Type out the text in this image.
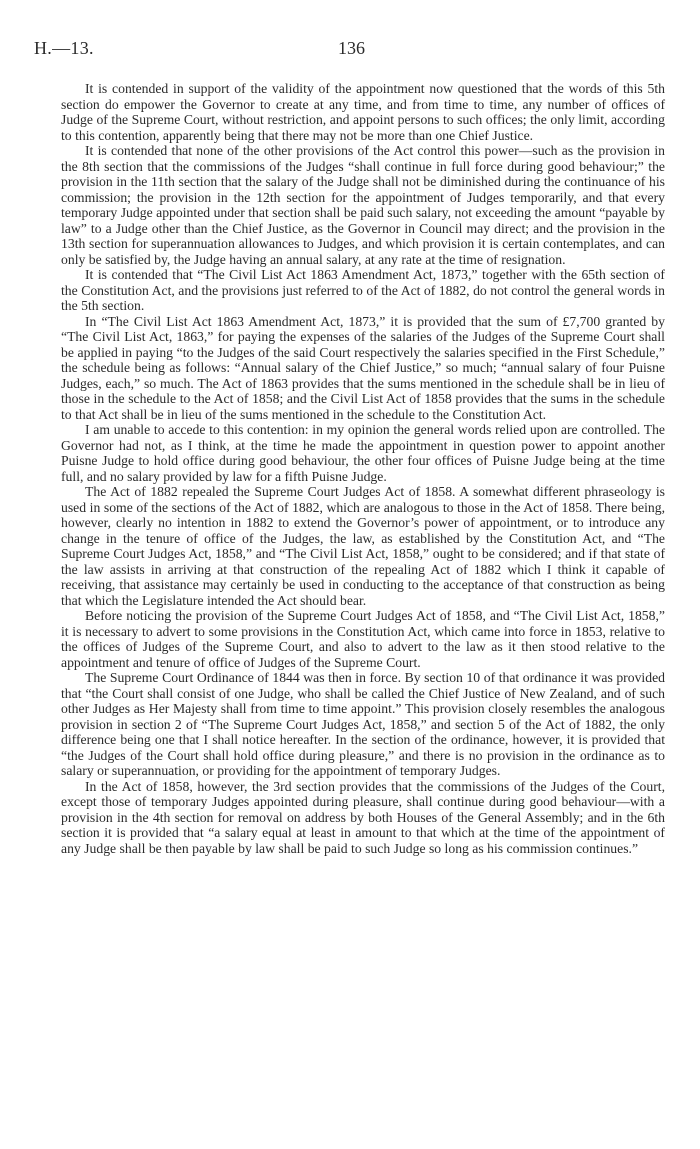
H.—13.	136

It is contended in support of the validity of the appointment now questioned that the words of this 5th section do empower the Governor to create at any time, and from time to time, any number of offices of Judge of the Supreme Court, without restriction, and appoint persons to such offices; the only limit, according to this contention, apparently being that there may not be more than one Chief Justice.

It is contended that none of the other provisions of the Act control this power—such as the provision in the 8th section that the commissions of the Judges “shall continue in full force during good behaviour;” the provision in the 11th section that the salary of the Judge shall not be diminished during the continuance of his commission; the provision in the 12th section for the appointment of Judges temporarily, and that every temporary Judge appointed under that section shall be paid such salary, not exceeding the amount “payable by law” to a Judge other than the Chief Justice, as the Governor in Council may direct; and the provision in the 13th section for superannuation allowances to Judges, and which provision it is certain contemplates, and can only be satisfied by, the Judge having an annual salary, at any rate at the time of resignation.

It is contended that “The Civil List Act 1863 Amendment Act, 1873,” together with the 65th section of the Constitution Act, and the provisions just referred to of the Act of 1882, do not control the general words in the 5th section.

In “The Civil List Act 1863 Amendment Act, 1873,” it is provided that the sum of £7,700 granted by “The Civil List Act, 1863,” for paying the expenses of the salaries of the Judges of the Supreme Court shall be applied in paying “to the Judges of the said Court respectively the salaries specified in the First Schedule,” the schedule being as follows: “Annual salary of the Chief Justice,” so much; “annual salary of four Puisne Judges, each,” so much. The Act of 1863 provides that the sums mentioned in the schedule shall be in lieu of those in the schedule to the Act of 1858; and the Civil List Act of 1858 provides that the sums in the schedule to that Act shall be in lieu of the sums mentioned in the schedule to the Constitution Act.

I am unable to accede to this contention: in my opinion the general words relied upon are controlled. The Governor had not, as I think, at the time he made the appointment in question power to appoint another Puisne Judge to hold office during good behaviour, the other four offices of Puisne Judge being at the time full, and no salary provided by law for a fifth Puisne Judge.

The Act of 1882 repealed the Supreme Court Judges Act of 1858. A somewhat different phraseology is used in some of the sections of the Act of 1882, which are analogous to those in the Act of 1858. There being, however, clearly no intention in 1882 to extend the Governor’s power of appointment, or to introduce any change in the tenure of office of the Judges, the law, as established by the Constitution Act, and “The Supreme Court Judges Act, 1858,” and “The Civil List Act, 1858,” ought to be considered; and if that state of the law assists in arriving at that construction of the repealing Act of 1882 which I think it capable of receiving, that assistance may certainly be used in conducting to the acceptance of that construction as being that which the Legislature intended the Act should bear.

Before noticing the provision of the Supreme Court Judges Act of 1858, and “The Civil List Act, 1858,” it is necessary to advert to some provisions in the Constitution Act, which came into force in 1853, relative to the offices of Judges of the Supreme Court, and also to advert to the law as it then stood relative to the appointment and tenure of office of Judges of the Supreme Court.

The Supreme Court Ordinance of 1844 was then in force. By section 10 of that ordinance it was provided that “the Court shall consist of one Judge, who shall be called the Chief Justice of New Zealand, and of such other Judges as Her Majesty shall from time to time appoint.” This provision closely resembles the analogous provision in section 2 of “The Supreme Court Judges Act, 1858,” and section 5 of the Act of 1882, the only difference being one that I shall notice hereafter. In the section of the ordinance, however, it is provided that “the Judges of the Court shall hold office during pleasure,” and there is no provision in the ordinance as to salary or superannuation, or providing for the appointment of temporary Judges.

In the Act of 1858, however, the 3rd section provides that the commissions of the Judges of the Court, except those of temporary Judges appointed during pleasure, shall continue during good behaviour—with a provision in the 4th section for removal on address by both Houses of the General Assembly; and in the 6th section it is provided that “a salary equal at least in amount to that which at the time of the appointment of any Judge shall be then payable by law shall be paid to such Judge so long as his commission continues.”
